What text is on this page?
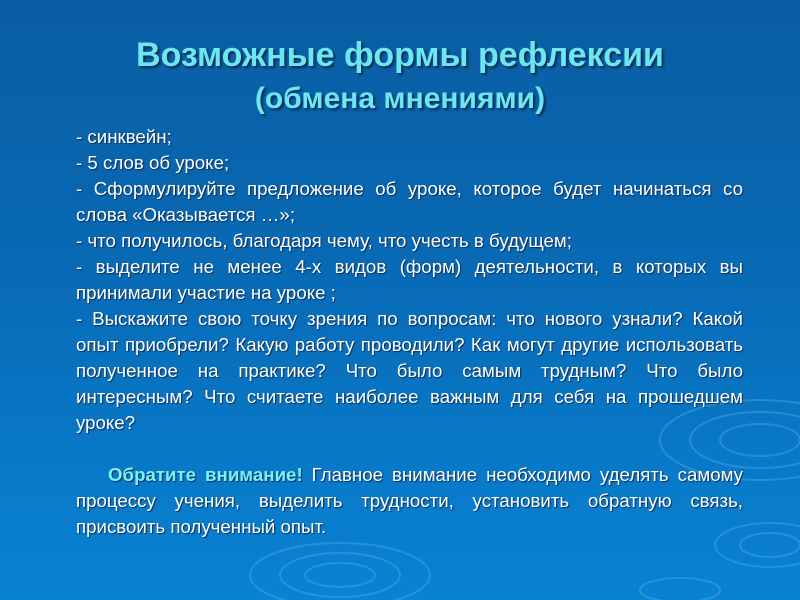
Возможные формы рефлексии
(обмена мнениями)

- синквейн;

- 5 слов об уроке;

- Сформулируйте предложение об уроке, которое будет начинаться со слова «Оказывается …»;

- что получилось, благодаря чему, что учесть в будущем;

- выделите не менее 4-х видов (форм) деятельности, в которых вы принимали участие на уроке ;

- Выскажите свою точку зрения по вопросам: что нового узнали? Какой опыт приобрели? Какую работу проводили? Как могут другие использовать полученное на практике? Что было самым трудным? Что было интересным? Что считаете наиболее важным для себя на прошедшем уроке?

Обратите внимание! Главное внимание необходимо уделять самому процессу учения, выделить трудности, установить обратную связь, присвоить полученный опыт.
